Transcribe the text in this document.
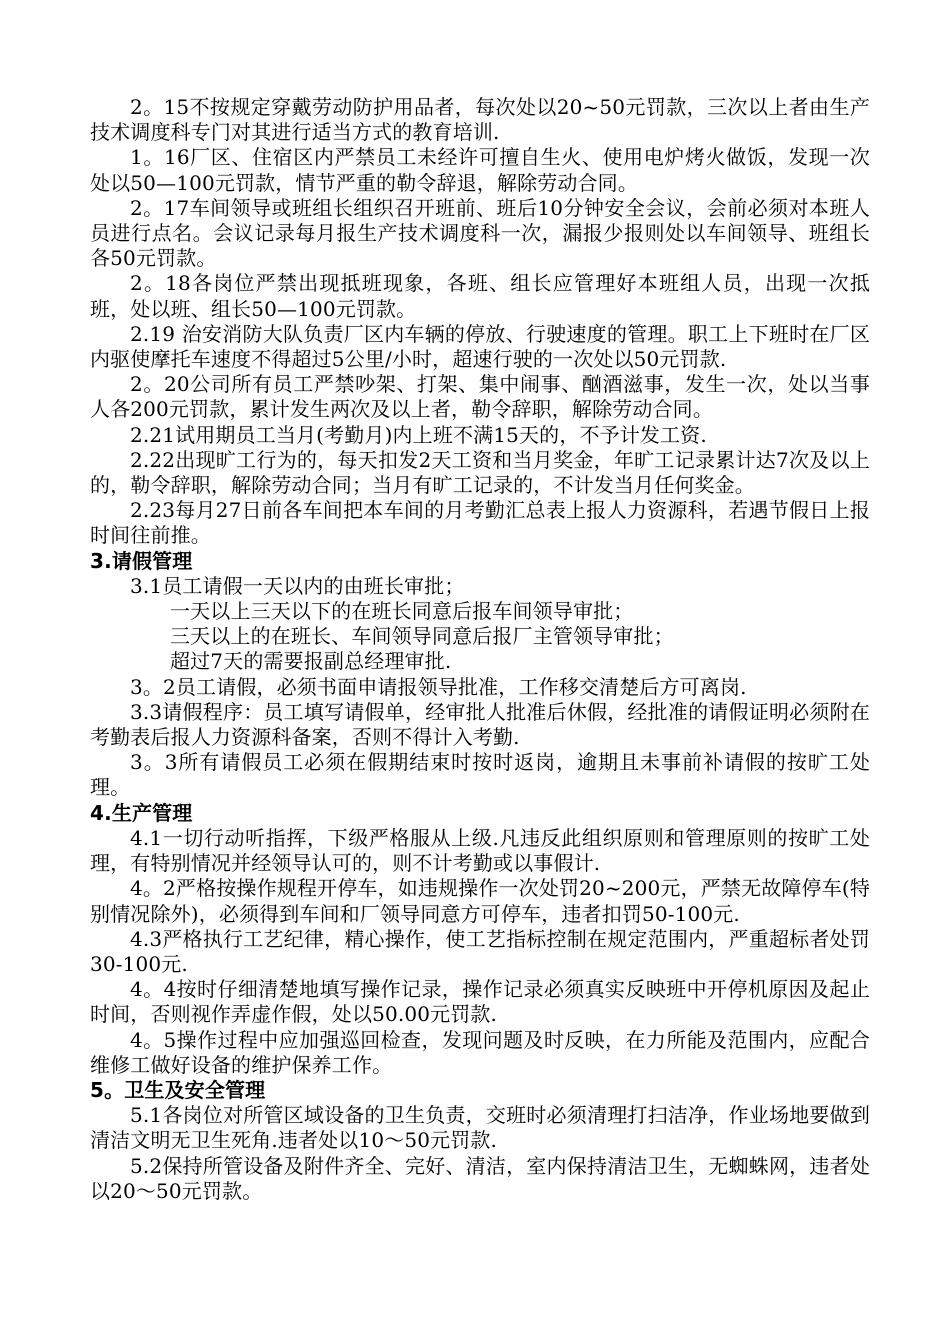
2。15不按规定穿戴劳动防护用品者，每次处以20~50元罚款，三次以上者由生产技术调度科专门对其进行适当方式的教育培训.

1。16厂区、住宿区内严禁员工未经许可擅自生火、使用电炉烤火做饭，发现一次处以50—100元罚款，情节严重的勒令辞退，解除劳动合同。

2。17车间领导或班组长组织召开班前、班后10分钟安全会议，会前必须对本班人员进行点名。会议记录每月报生产技术调度科一次，漏报少报则处以车间领导、班组长各50元罚款。

2。18各岗位严禁出现抵班现象，各班、组长应管理好本班组人员，出现一次抵班，处以班、组长50—100元罚款。

2.19 治安消防大队负责厂区内车辆的停放、行驶速度的管理。职工上下班时在厂区内驱使摩托车速度不得超过5公里/小时，超速行驶的一次处以50元罚款.

2。20公司所有员工严禁吵架、打架、集中闹事、酗酒滋事，发生一次，处以当事人各200元罚款，累计发生两次及以上者，勒令辞职，解除劳动合同。

2.21试用期员工当月(考勤月)内上班不满15天的，不予计发工资.

2.22出现旷工行为的，每天扣发2天工资和当月奖金，年旷工记录累计达7次及以上的，勒令辞职，解除劳动合同；当月有旷工记录的，不计发当月任何奖金。

2.23每月27日前各车间把本车间的月考勤汇总表上报人力资源科，若遇节假日上报时间往前推。

3.请假管理

3.1员工请假一天以内的由班长审批；

一天以上三天以下的在班长同意后报车间领导审批；

三天以上的在班长、车间领导同意后报厂主管领导审批；

超过7天的需要报副总经理审批.

3。2员工请假，必须书面申请报领导批准，工作移交清楚后方可离岗.

3.3请假程序：员工填写请假单，经审批人批准后休假，经批准的请假证明必须附在考勤表后报人力资源科备案，否则不得计入考勤.

3。3所有请假员工必须在假期结束时按时返岗，逾期且未事前补请假的按旷工处理。

4.生产管理

4.1一切行动听指挥，下级严格服从上级.凡违反此组织原则和管理原则的按旷工处理，有特别情况并经领导认可的，则不计考勤或以事假计.

4。2严格按操作规程开停车，如违规操作一次处罚20~200元，严禁无故障停车(特别情况除外)，必须得到车间和厂领导同意方可停车，违者扣罚50-100元.

4.3严格执行工艺纪律，精心操作，使工艺指标控制在规定范围内，严重超标者处罚30-100元.

4。4按时仔细清楚地填写操作记录，操作记录必须真实反映班中开停机原因及起止时间，否则视作弄虚作假，处以50.00元罚款.

4。5操作过程中应加强巡回检查，发现问题及时反映，在力所能及范围内，应配合维修工做好设备的维护保养工作。

5。卫生及安全管理

5.1各岗位对所管区域设备的卫生负责，交班时必须清理打扫洁净，作业场地要做到清洁文明无卫生死角.违者处以10～50元罚款.

5.2保持所管设备及附件齐全、完好、清洁，室内保持清洁卫生，无蜘蛛网，违者处以20～50元罚款。
